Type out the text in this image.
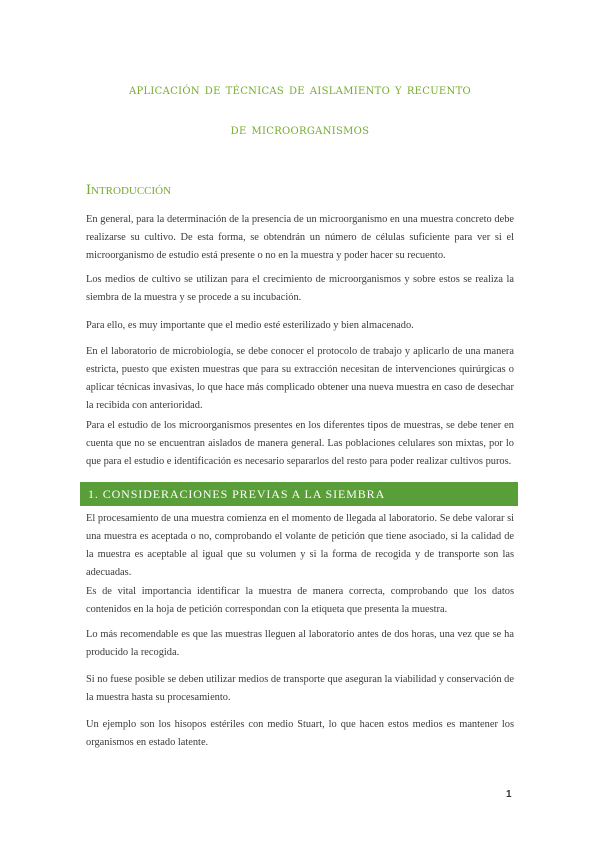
aplicación de técnicas de aislamiento y recuento
de microorganismos
Introducción

En general, para la determinación de la presencia de un microorganismo en una muestra concreto debe realizarse su cultivo. De esta forma, se obtendrán un número de células suficiente para ver si el microorganismo de estudio está presente o no en la muestra y poder hacer su recuento.

Los medios de cultivo se utilizan para el crecimiento de microorganismos y sobre estos se realiza la siembra de la muestra y se procede a su incubación.

Para ello, es muy importante que el medio esté esterilizado y bien almacenado.

En el laboratorio de microbiología, se debe conocer el protocolo de trabajo y aplicarlo de una manera estricta, puesto que existen muestras que para su extracción necesitan de intervenciones quirúrgicas o aplicar técnicas invasivas, lo que hace más complicado obtener una nueva muestra en caso de desechar la recibida con anterioridad.

Para el estudio de los microorganismos presentes en los diferentes tipos de muestras, se debe tener en cuenta que no se encuentran aislados de manera general. Las poblaciones celulares son mixtas, por lo que para el estudio e identificación es necesario separarlos del resto para poder realizar cultivos puros.

1. CONSIDERACIONES PREVIAS A LA SIEMBRA

El procesamiento de una muestra comienza en el momento de llegada al laboratorio. Se debe valorar si una muestra es aceptada o no, comprobando el volante de petición que tiene asociado, si la calidad de la muestra es aceptable al igual que su volumen y si la forma de recogida y de transporte son las adecuadas.

Es de vital importancia identificar la muestra de manera correcta, comprobando que los datos contenidos en la hoja de petición correspondan con la etiqueta que presenta la muestra.

Lo más recomendable es que las muestras lleguen al laboratorio antes de dos horas, una vez que se ha producido la recogida.

Si no fuese posible se deben utilizar medios de transporte que aseguran la viabilidad y conservación de la muestra hasta su procesamiento.

Un ejemplo son los hisopos estériles con medio Stuart, lo que hacen estos medios es mantener los organismos en estado latente.

1
